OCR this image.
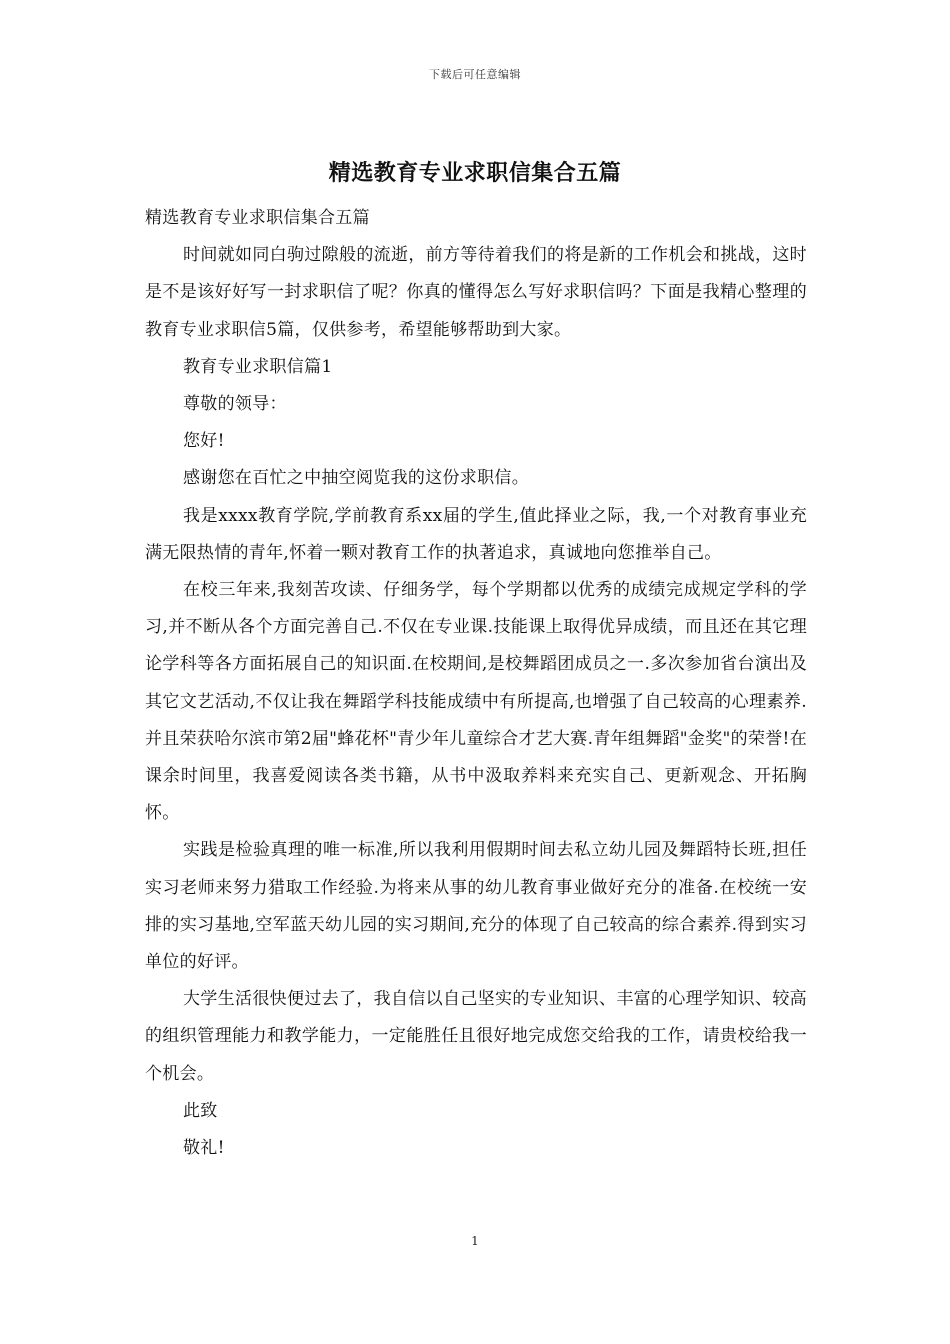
下载后可任意编辑
精选教育专业求职信集合五篇

精选教育专业求职信集合五篇

时间就如同白驹过隙般的流逝，前方等待着我们的将是新的工作机会和挑战，这时是不是该好好写一封求职信了呢？你真的懂得怎么写好求职信吗？下面是我精心整理的教育专业求职信5篇，仅供参考，希望能够帮助到大家。

教育专业求职信篇1

尊敬的领导：

您好!

感谢您在百忙之中抽空阅览我的这份求职信。

我是xxxx教育学院,学前教育系xx届的学生,值此择业之际，我,一个对教育事业充满无限热情的青年,怀着一颗对教育工作的执著追求，真诚地向您推举自己。

在校三年来,我刻苦攻读、仔细务学，每个学期都以优秀的成绩完成规定学科的学习,并不断从各个方面完善自己.不仅在专业课.技能课上取得优异成绩，而且还在其它理论学科等各方面拓展自己的知识面.在校期间,是校舞蹈团成员之一.多次参加省台演出及其它文艺活动,不仅让我在舞蹈学科技能成绩中有所提高,也增强了自己较高的心理素养.并且荣获哈尔滨市第2届"蜂花杯"青少年儿童综合才艺大赛.青年组舞蹈"金奖"的荣誉!在课余时间里，我喜爱阅读各类书籍，从书中汲取养料来充实自己、更新观念、开拓胸怀。

实践是检验真理的唯一标准,所以我利用假期时间去私立幼儿园及舞蹈特长班,担任实习老师来努力猎取工作经验.为将来从事的幼儿教育事业做好充分的准备.在校统一安排的实习基地,空军蓝天幼儿园的实习期间,充分的体现了自己较高的综合素养.得到实习单位的好评。

大学生活很快便过去了，我自信以自己坚实的专业知识、丰富的心理学知识、较高的组织管理能力和教学能力，一定能胜任且很好地完成您交给我的工作，请贵校给我一个机会。

此致

敬礼!

1
